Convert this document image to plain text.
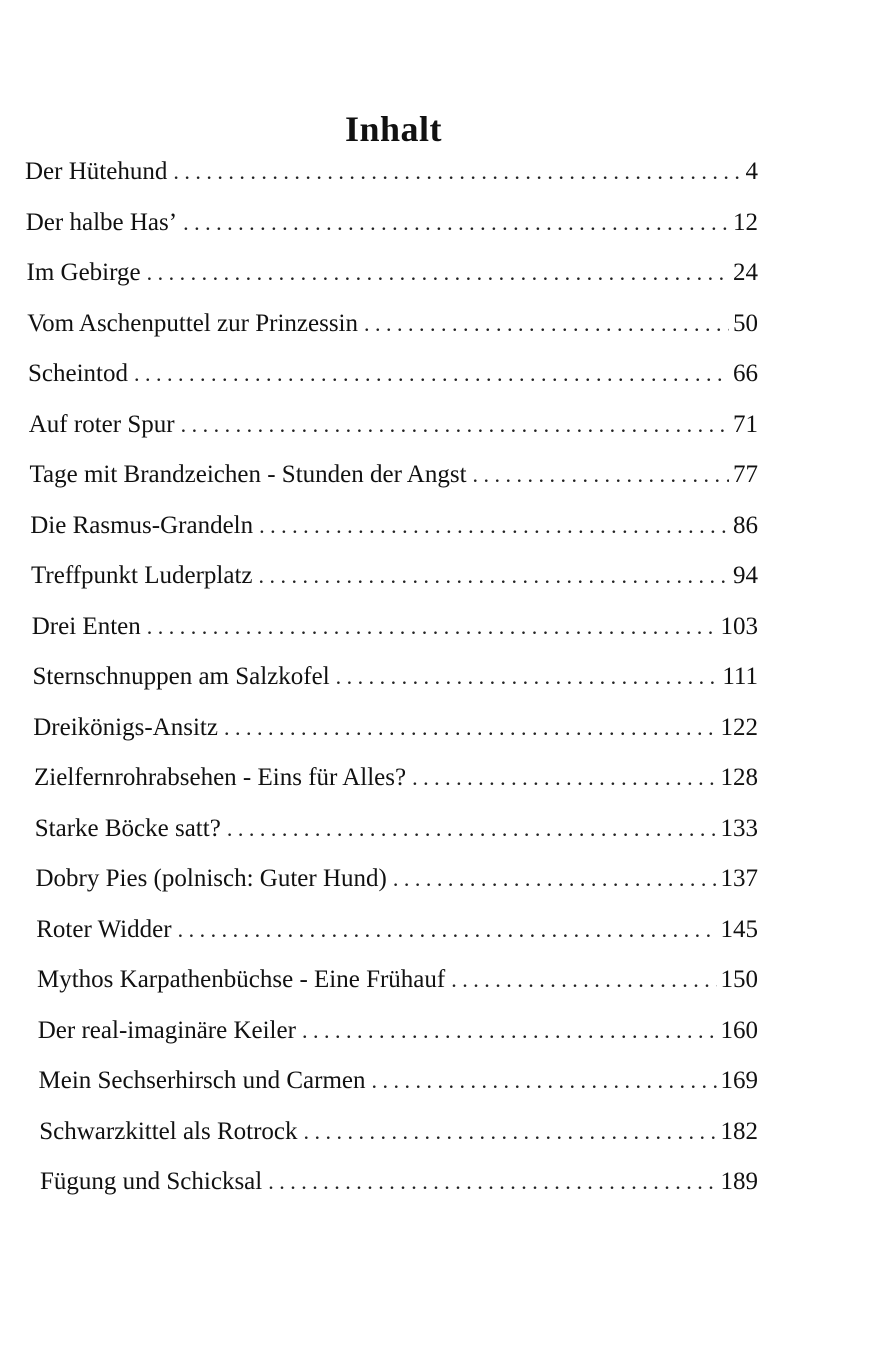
Inhalt
Der Hütehund . . .	4
Der halbe Has’ . . .	12
Im Gebirge . . .	24
Vom Aschenputtel zur Prinzessin . . .	50
Scheintod . . .	66
Auf roter Spur . . .	71
Tage mit Brandzeichen - Stunden der Angst . . .	77
Die Rasmus-Grandeln . . .	86
Treffpunkt Luderplatz . . .	94
Drei Enten . . .	103
Sternschnuppen am Salzkofel . . .	111
Dreikönigs-Ansitz . . .	122
Zielfernrohrabsehen - Eins für Alles? . . .	128
Starke Böcke satt? . . .	133
Dobry Pies (polnisch: Guter Hund) . . .	137
Roter Widder . . .	145
Mythos Karpathenbüchse - Eine Frühauf . . .	150
Der real-imaginäre Keiler . . .	160
Mein Sechserhirsch und Carmen . . .	169
Schwarzkittel als Rotrock . . .	182
Fügung und Schicksal . . .	189
